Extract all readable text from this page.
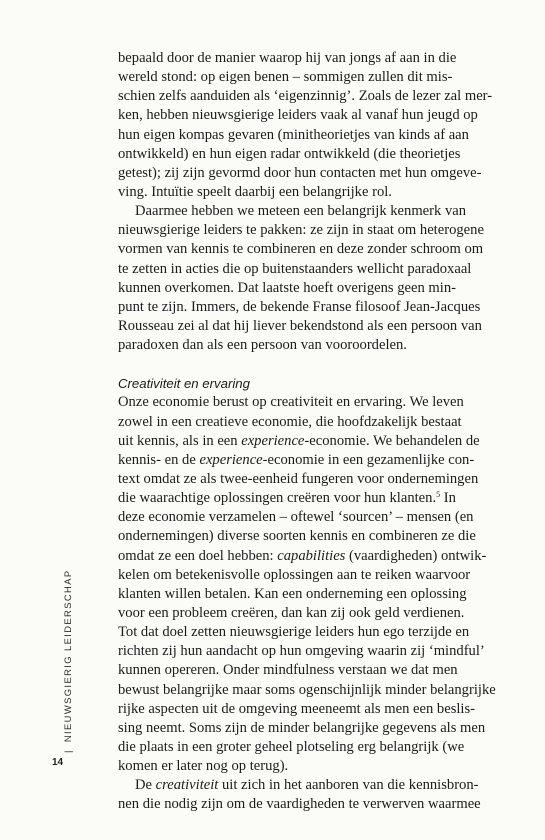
bepaald door de manier waarop hij van jongs af aan in die
wereld stond: op eigen benen – sommigen zullen dit mis-
schien zelfs aanduiden als ‘eigenzinnig’. Zoals de lezer zal mer-
ken, hebben nieuwsgierige leiders vaak al vanaf hun jeugd op
hun eigen kompas gevaren (minitheorietjes van kinds af aan
ontwikkeld) en hun eigen radar ontwikkeld (die theorietjes
getest); zij zijn gevormd door hun contacten met hun omgeve-
ving. Intuïtie speelt daarbij een belangrijke rol.
Daarmee hebben we meteen een belangrijk kenmerk van
nieuwsgierige leiders te pakken: ze zijn in staat om heterogene
vormen van kennis te combineren en deze zonder schroom om
te zetten in acties die op buitenstaanders wellicht paradoxaal
kunnen overkomen. Dat laatste hoeft overigens geen min-
punt te zijn. Immers, de bekende Franse filosoof Jean-Jacques
Rousseau zei al dat hij liever bekendstond als een persoon van
paradoxen dan als een persoon van vooroordelen.
Creativiteit en ervaring
Onze economie berust op creativiteit en ervaring. We leven
zowel in een creatieve economie, die hoofdzakelijk bestaat
uit kennis, als in een experience-economie. We behandelen de
kennis- en de experience-economie in een gezamenlijke con-
text omdat ze als twee-eenheid fungeren voor ondernemingen
die waarachtige oplossingen creëren voor hun klanten.$^5$ In
deze economie verzamelen – oftewel ‘sourcen’ – mensen (en
ondernemingen) diverse soorten kennis en combineren ze die
omdat ze een doel hebben: capabilities (vaardigheden) ontwik-
kelen om betekenisvolle oplossingen aan te reiken waarvoor
klanten willen betalen. Kan een onderneming een oplossing
voor een probleem creëren, dan kan zij ook geld verdienen.
Tot dat doel zetten nieuwsgierige leiders hun ego terzijde en
richten zij hun aandacht op hun omgeving waarin zij ‘mindful’
kunnen opereren. Onder mindfulness verstaan we dat men
bewust belangrijke maar soms ogenschijnlijk minder belangrijke
rijke aspecten uit de omgeving meeneemt als men een beslis-
sing neemt. Soms zijn de minder belangrijke gegevens als men
die plaats in een groter geheel plotseling erg belangrijk (we
komen er later nog op terug).
De creativiteit uit zich in het aanboren van die kennisbron-
nen die nodig zijn om de vaardigheden te verwerven waarmee
|NIEUWSGIERIG LEIDERSCHAP
14
